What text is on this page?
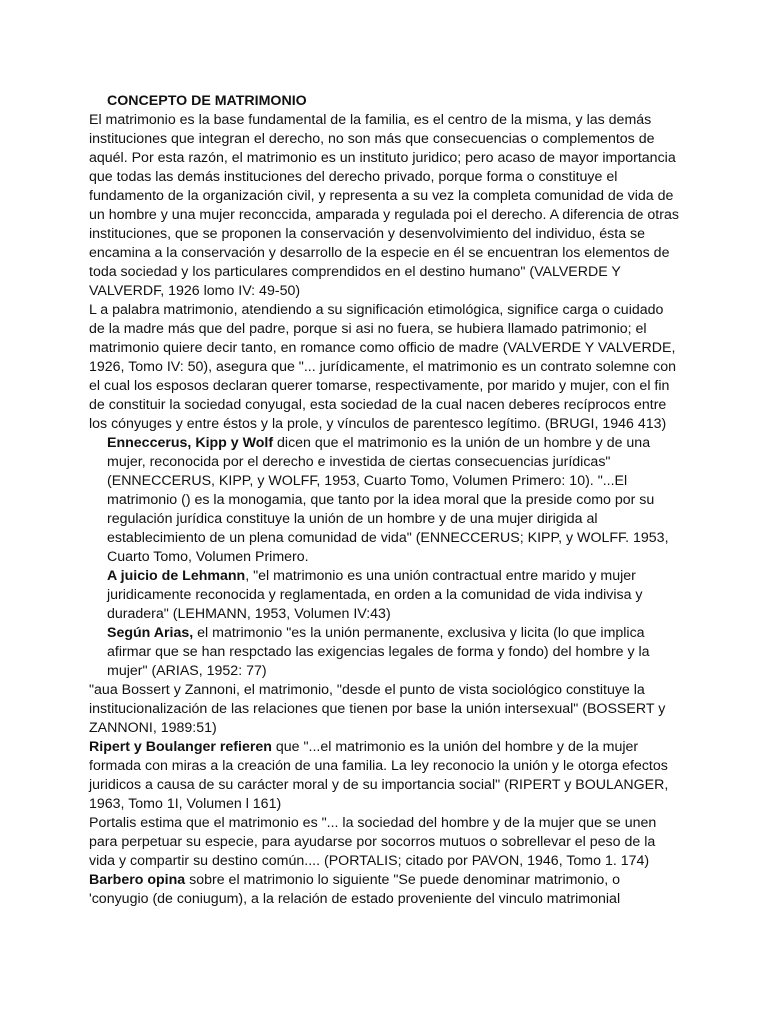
CONCEPTO DE MATRIMONIO

El matrimonio es la base fundamental de la familia, es el centro de la misma, y las demás instituciones que integran el derecho, no son más que consecuencias o complementos de aquél. Por esta razón, el matrimonio es un instituto juridico; pero acaso de mayor importancia que todas las demás instituciones del derecho privado, porque forma o constituye el fundamento de la organización civil, y representa a su vez la completa comunidad de vida de un hombre y una mujer reconccida, amparada y regulada poi el derecho. A diferencia de otras instituciones, que se proponen la conservación y desenvolvimiento del individuo, ésta se encamina a la conservación y desarrollo de la especie en él se encuentran los elementos de toda sociedad y los particulares comprendidos en el destino humano" (VALVERDE Y VALVERDF, 1926 lomo IV: 49-50)

L a palabra matrimonio, atendiendo a su significación etimológica, significe carga o cuidado de la madre más que del padre, porque si asi no fuera, se hubiera llamado patrimonio; el matrimonio quiere decir tanto, en romance como officio de madre (VALVERDE Y VALVERDE, 1926, Tomo IV: 50), asegura que "... jurídicamente, el matrimonio es un contrato solemne con el cual los esposos declaran querer tomarse, respectivamente, por marido y mujer, con el fin de constituir la sociedad conyugal, esta sociedad de la cual nacen deberes recíprocos entre los cónyuges y entre éstos y la prole, y vínculos de parentesco legítimo. (BRUGI, 1946 413)

Enneccerus, Kipp y Wolf dicen que el matrimonio es la unión de un hombre y de una mujer, reconocida por el derecho e investida de ciertas consecuencias jurídicas" (ENNECCERUS, KIPP, y WOLFF, 1953, Cuarto Tomo, Volumen Primero: 10). "...El matrimonio () es la monogamia, que tanto por la idea moral que la preside como por su regulación jurídica constituye la unión de un hombre y de una mujer dirigida al establecimiento de un plena comunidad de vida" (ENNECCERUS; KIPP, y WOLFF. 1953, Cuarto Tomo, Volumen Primero.

A juicio de Lehmann, "el matrimonio es una unión contractual entre marido y mujer juridicamente reconocida y reglamentada, en orden a la comunidad de vida indivisa y duradera" (LEHMANN, 1953, Volumen IV:43)

Según Arias, el matrimonio "es la unión permanente, exclusiva y licita (lo que implica afirmar que se han respctado las exigencias legales de forma y fondo) del hombre y la mujer" (ARIAS, 1952: 77)

"aua Bossert y Zannoni, el matrimonio, "desde el punto de vista sociológico constituye la institucionalización de las relaciones que tienen por base la unión intersexual" (BOSSERT y ZANNONI, 1989:51)

Ripert y Boulanger refieren que "...el matrimonio es la unión del hombre y de la mujer formada con miras a la creación de una familia. La ley reconocio la unión y le otorga efectos juridicos a causa de su carácter moral y de su importancia social" (RIPERT y BOULANGER, 1963, Tomo 1I, Volumen l 161)

Portalis estima que el matrimonio es "... la sociedad del hombre y de la mujer que se unen para perpetuar su especie, para ayudarse por socorros mutuos o sobrellevar el peso de la vida y compartir su destino común.... (PORTALIS; citado por PAVON, 1946, Tomo 1. 174)

Barbero opina sobre el matrimonio lo siguiente "Se puede denominar matrimonio, o 'conyugio (de coniugum), a la relación de estado proveniente del vinculo matrimonial
